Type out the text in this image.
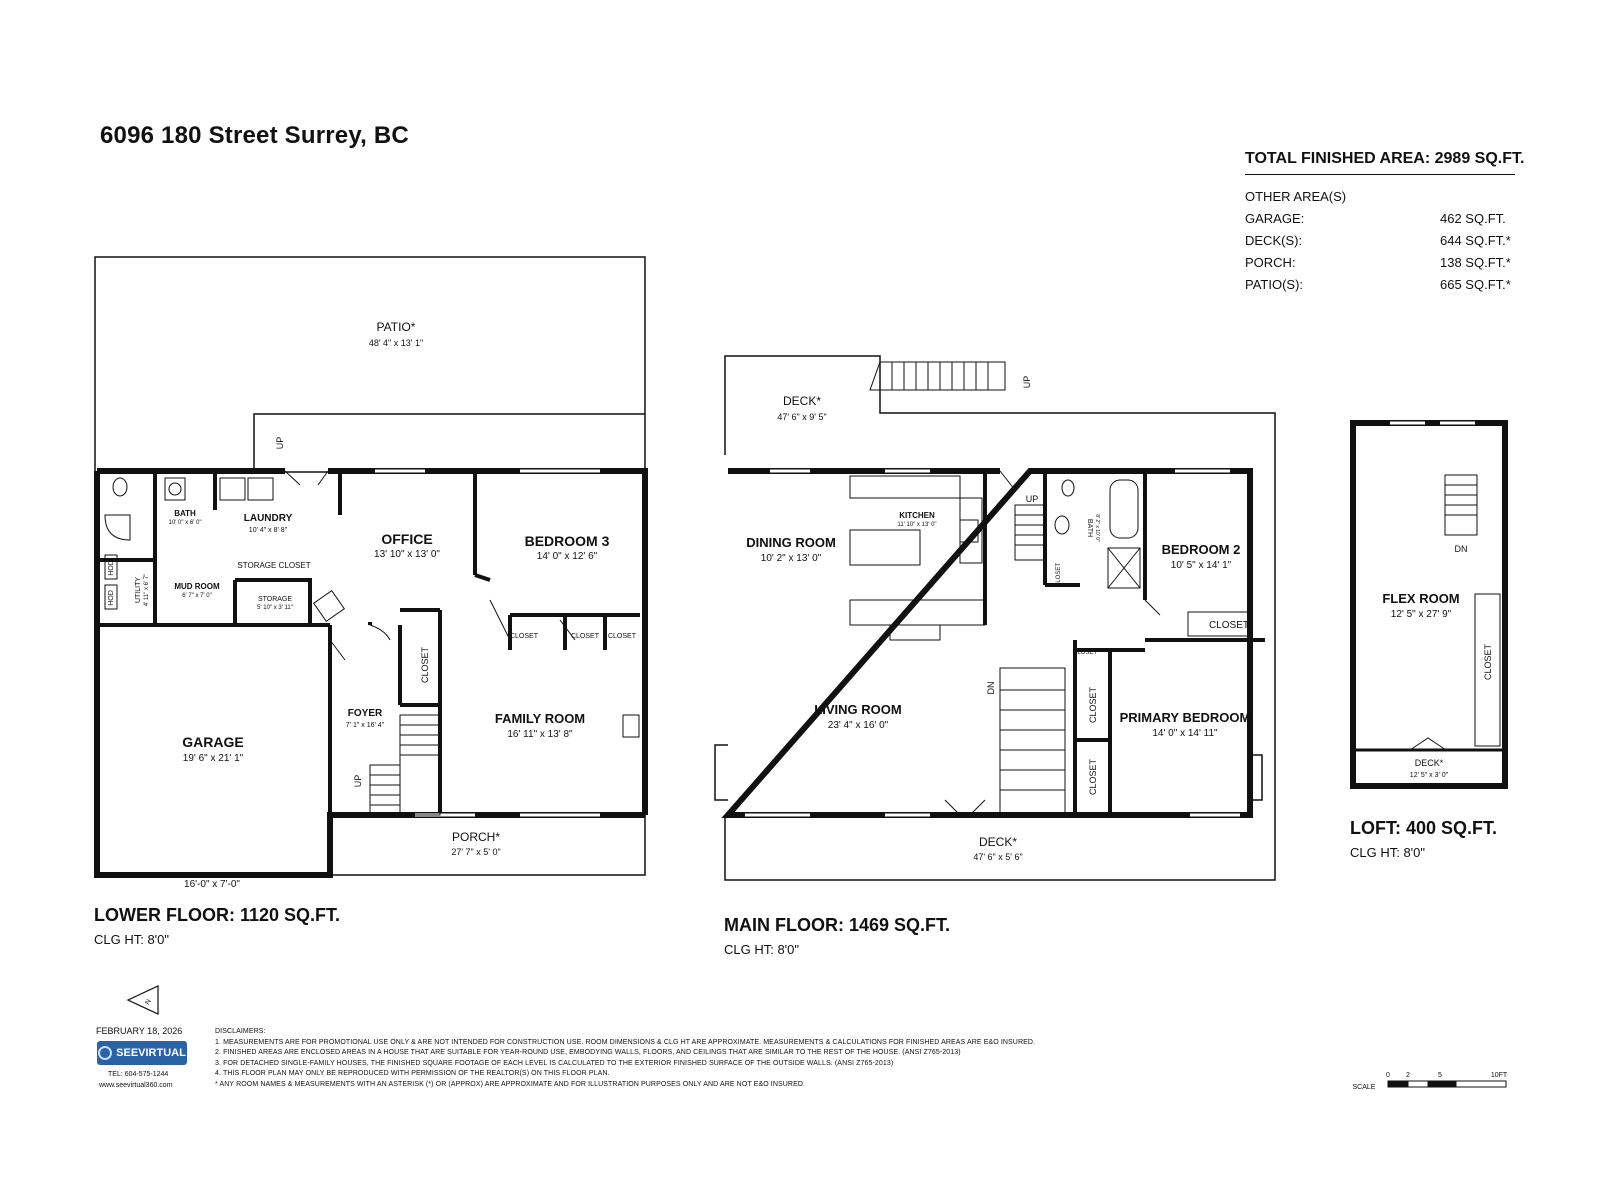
6096 180 Street Surrey, BC
TOTAL FINISHED AREA: 2989 SQ.FT.
OTHER AREA(S)
GARAGE:	462 SQ.FT.
DECK(S):	644 SQ.FT.*
PORCH:	138 SQ.FT.*
PATIO(S):	665 SQ.FT.*
PATIO*
48' 4" x 13' 1"
BATH
10' 0" x 6' 0"	LAUNDRY
10' 4" x 8' 8"
OFFICE
13' 10" x 13' 0"
BEDROOM 3
14' 0" x 12' 6"
MUD ROOM
6' 7" x 7' 0"
STORAGE CLOSET
STORAGE
5' 10" x 3' 11"
GARAGE
19' 6" x 21' 1"
FOYER
7' 1" x 16' 4"	FAMILY ROOM
16' 11" x 13' 8"
PORCH*
27' 7" x 5' 0"
16'-0" x 7'-0"
CLOSET	CLOSET CLOSET
CLOSET
UTILITY 4' 11" x 6' 7"
HOD
HOD
UP
UP
DECK*
47' 6" x 9' 5"
DINING ROOM
10' 2" x 13' 0"
KITCHEN
11' 10" x 13' 0"
BEDROOM 2
10' 5" x 14' 1"
CLOSET
LIVING ROOM
23' 4" x 16' 0"
PRIMARY BEDROOM
14' 0" x 14' 11"
DECK*
47' 6" x 5' 6"
UP
CLOSET
UP
DN	CLOSET
CLOSET
CLOSET
BATH 8' 2" x 10' 0"
DN
FLEX ROOM
12' 5" x 27' 9"
DECK*
12' 5" x 3' 0"
CLOSET
N
0 2	5	10FT
SCALE
LOWER FLOOR: 1120 SQ.FT.
CLG HT: 8'0"
MAIN FLOOR: 1469 SQ.FT.
CLG HT: 8'0"
LOFT: 400 SQ.FT.
CLG HT: 8'0"
FEBRUARY 18, 2026
SEEVIRTUAL
TEL: 604-575-1244
www.seevirtual360.com
DISCLAIMERS:
1. MEASUREMENTS ARE FOR PROMOTIONAL USE ONLY & ARE NOT INTENDED FOR CONSTRUCTION USE. ROOM DIMENSIONS & CLG HT ARE APPROXIMATE. MEASUREMENTS & CALCULATIONS FOR FINISHED AREAS ARE E&O INSURED.
2. FINISHED AREAS ARE ENCLOSED AREAS IN A HOUSE THAT ARE SUITABLE FOR YEAR-ROUND USE, EMBODYING WALLS, FLOORS, AND CEILINGS THAT ARE SIMILAR TO THE REST OF THE HOUSE. (ANSI Z765-2013)
3. FOR DETACHED SINGLE-FAMILY HOUSES, THE FINISHED SQUARE FOOTAGE OF EACH LEVEL IS CALCULATED TO THE EXTERIOR FINISHED SURFACE OF THE OUTSIDE WALLS. (ANSI Z765-2013)
4. THIS FLOOR PLAN MAY ONLY BE REPRODUCED WITH PERMISSION OF THE REALTOR(S) ON THIS FLOOR PLAN.
* ANY ROOM NAMES & MEASUREMENTS WITH AN ASTERISK (*) OR (APPROX) ARE APPROXIMATE AND FOR ILLUSTRATION PURPOSES ONLY AND ARE NOT E&O INSURED.
